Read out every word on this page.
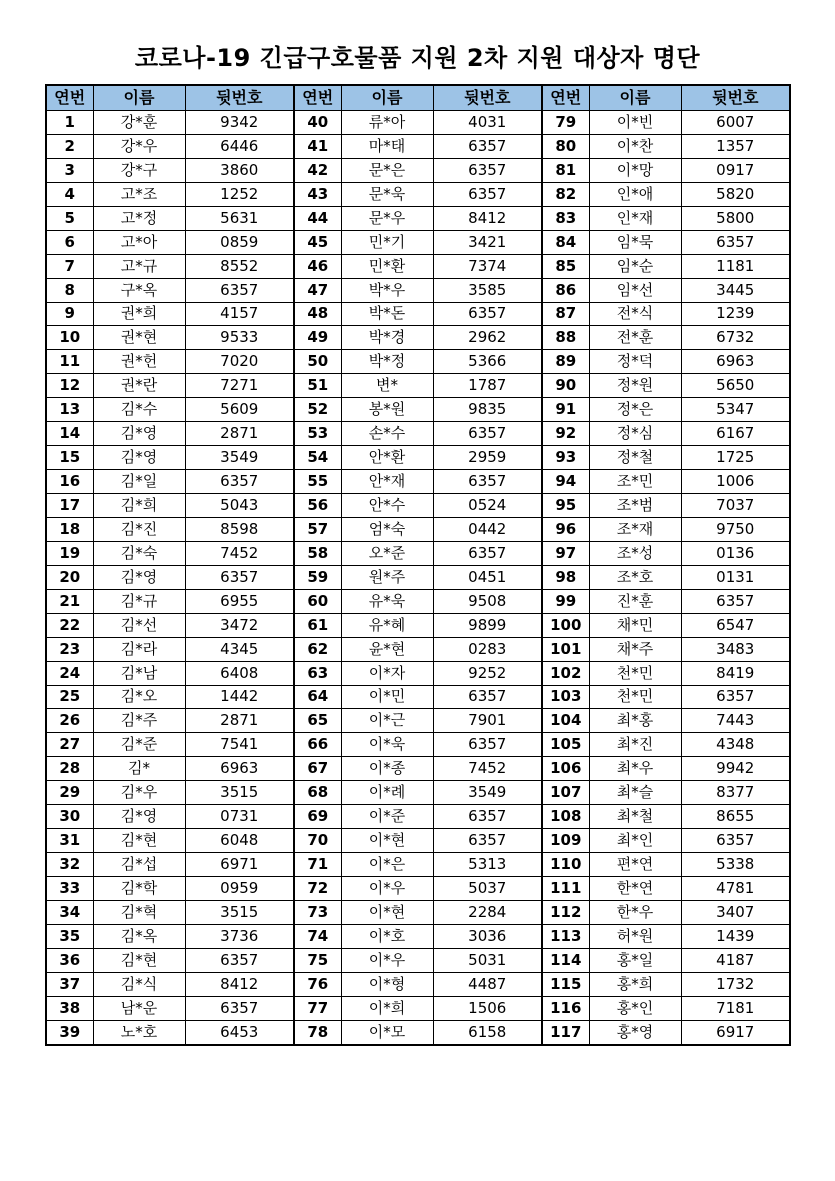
코로나-19 긴급구호물품 지원 2차 지원 대상자 명단
연번	이름	뒷번호	연번	이름	뒷번호	연번	이름	뒷번호
1	강*훈	9342	40	류*아	4031	79	이*빈	6007
2	강*우	6446	41	마*태	6357	80	이*찬	1357
3	강*구	3860	42	문*은	6357	81	이*망	0917
4	고*조	1252	43	문*욱	6357	82	인*애	5820
5	고*정	5631	44	문*우	8412	83	인*재	5800
6	고*아	0859	45	민*기	3421	84	임*묵	6357
7	고*규	8552	46	민*환	7374	85	임*순	1181
8	구*옥	6357	47	박*우	3585	86	임*선	3445
9	권*희	4157	48	박*돈	6357	87	전*식	1239
10	권*현	9533	49	박*경	2962	88	전*훈	6732
11	권*헌	7020	50	박*정	5366	89	정*덕	6963
12	권*란	7271	51	변*	1787	90	정*원	5650
13	김*수	5609	52	봉*원	9835	91	정*은	5347
14	김*영	2871	53	손*수	6357	92	정*심	6167
15	김*영	3549	54	안*환	2959	93	정*철	1725
16	김*일	6357	55	안*재	6357	94	조*민	1006
17	김*희	5043	56	안*수	0524	95	조*범	7037
18	김*진	8598	57	엄*숙	0442	96	조*재	9750
19	김*숙	7452	58	오*준	6357	97	조*성	0136
20	김*영	6357	59	원*주	0451	98	조*호	0131
21	김*규	6955	60	유*욱	9508	99	진*훈	6357
22	김*선	3472	61	유*혜	9899	100	채*민	6547
23	김*라	4345	62	윤*현	0283	101	채*주	3483
24	김*남	6408	63	이*자	9252	102	천*민	8419
25	김*오	1442	64	이*민	6357	103	천*민	6357
26	김*주	2871	65	이*근	7901	104	최*홍	7443
27	김*준	7541	66	이*욱	6357	105	최*진	4348
28	김*	6963	67	이*종	7452	106	최*우	9942
29	김*우	3515	68	이*례	3549	107	최*슬	8377
30	김*영	0731	69	이*준	6357	108	최*철	8655
31	김*현	6048	70	이*현	6357	109	최*인	6357
32	김*섭	6971	71	이*은	5313	110	편*연	5338
33	김*학	0959	72	이*우	5037	111	한*연	4781
34	김*혁	3515	73	이*현	2284	112	한*우	3407
35	김*옥	3736	74	이*호	3036	113	허*원	1439
36	김*현	6357	75	이*우	5031	114	홍*일	4187
37	김*식	8412	76	이*형	4487	115	홍*희	1732
38	남*운	6357	77	이*희	1506	116	홍*인	7181
39	노*호	6453	78	이*모	6158	117	홍*영	6917
